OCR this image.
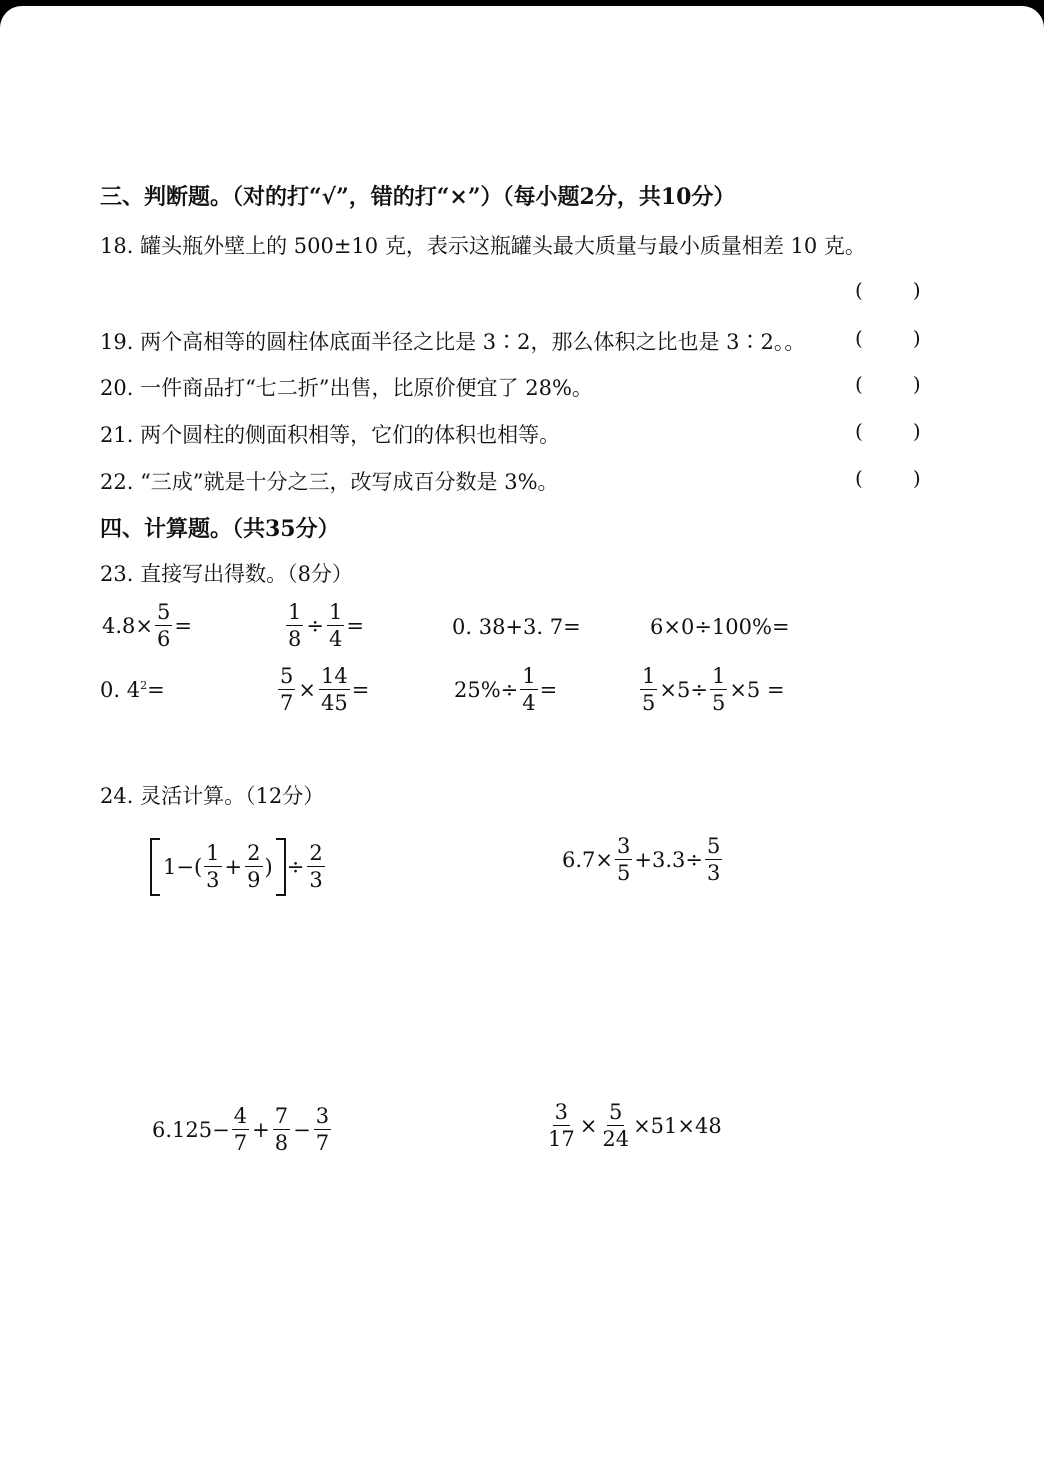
三、判断题。（对的打“√”，错的打“×”）（每小题2分，共10分）
18. 罐头瓶外壁上的 500±10 克，表示这瓶罐头最大质量与最小质量相差 10 克。
(	)
19. 两个高相等的圆柱体底面半径之比是 3∶2，那么体积之比也是 3∶2。。 (	)
20. 一件商品打“七二折”出售，比原价便宜了 28%。	(	)
21. 两个圆柱的侧面积相等，它们的体积也相等。	(	)
22. “三成”就是十分之三，改写成百分数是 3%。	(	)
四、计算题。（共35分）
23. 直接写出得数。（8分）
$4.8\times \frac{5}{6}$ =	$\frac{1}{8} \div \frac{1}{4}$ =	0. 38+3. 7=	6×0÷100%=
0. $4^2=$	$\frac{5}{7} \times \frac{14}{45}$ =	$25\%\div \frac{1}{4}$ =	$\frac{1}{5} \times 5\div \frac{1}{5} \times 5$ =
24. 灵活计算。（12分）
$1-( \frac{1}{3} + \frac{2}{9}$ ) ÷ $\frac{2}{3}$	$6.7\times \frac{3}{5} +3.3\div \frac{5}{3}$
$6.125- \frac{4}{7} + \frac{7}{8} - \frac{3}{7}$	$\frac{3}{17} \times \frac{5}{24} \times 51\times 48$
